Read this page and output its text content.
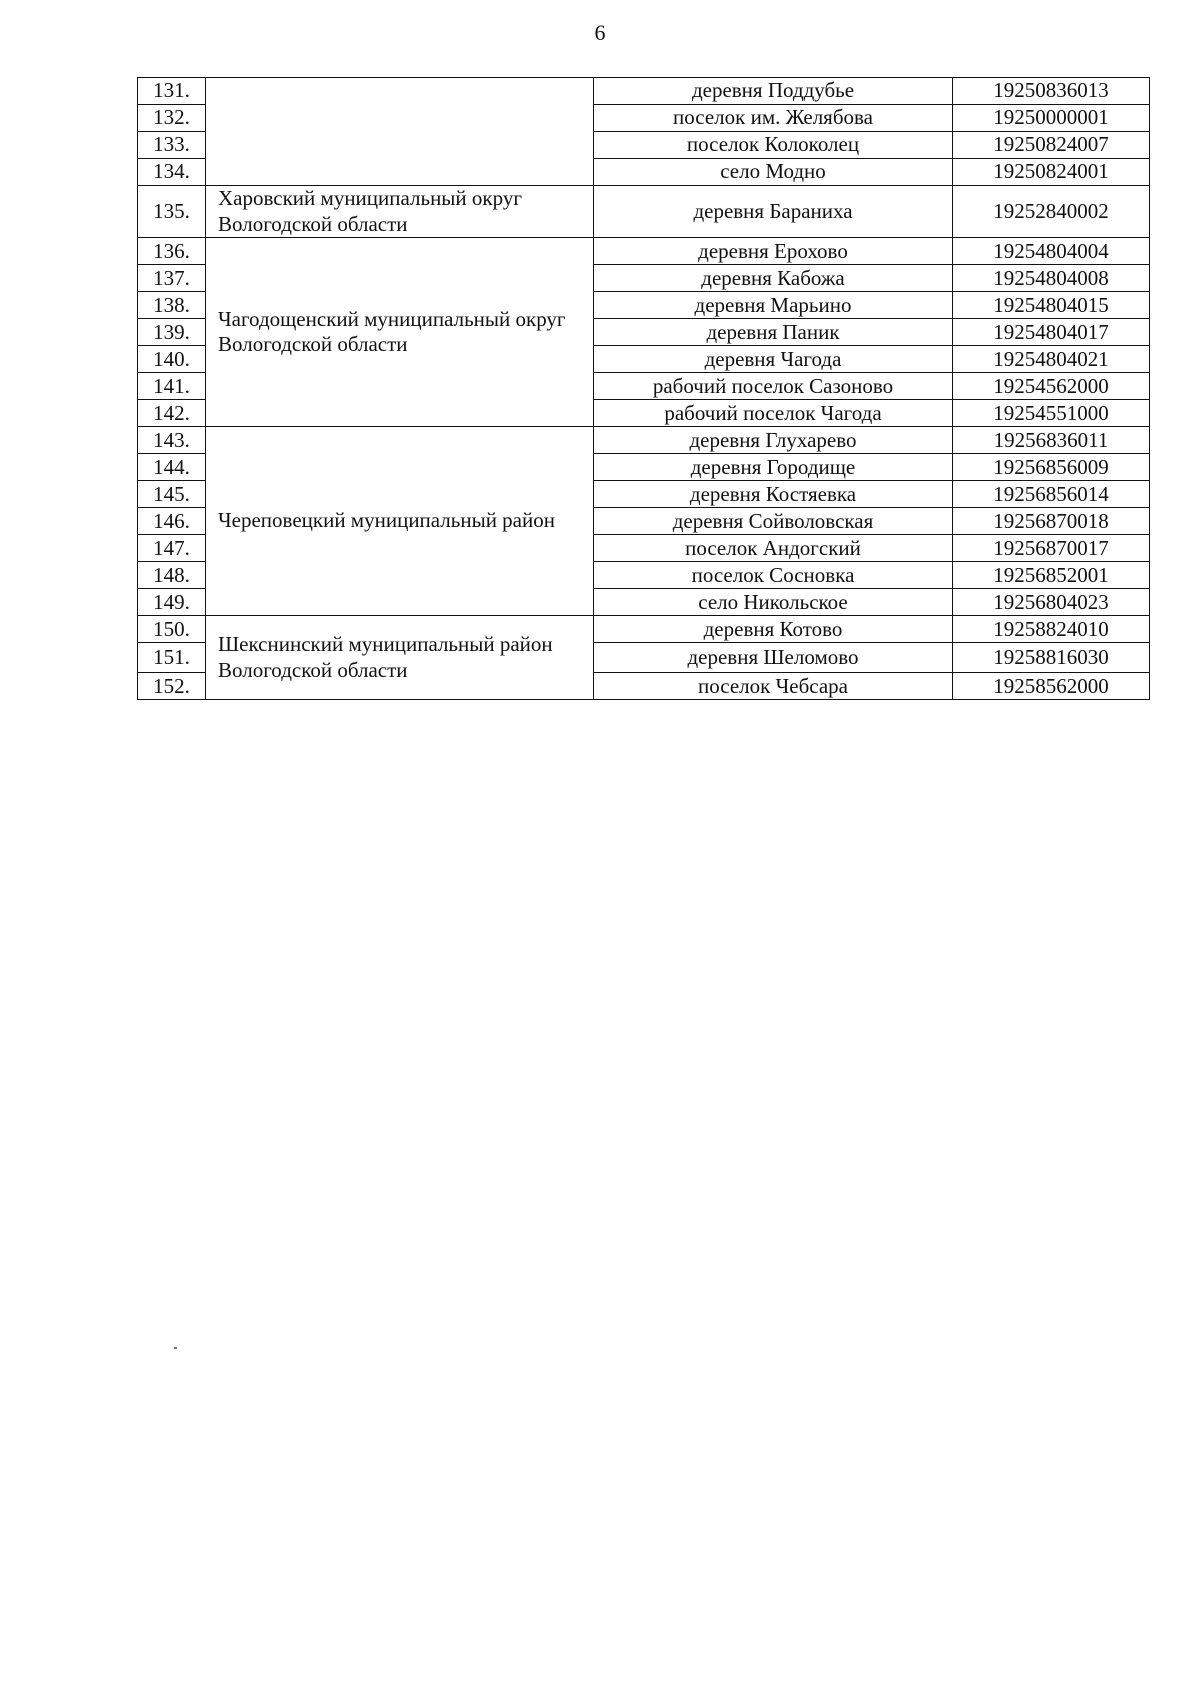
6
131.		деревня Поддубье	19250836013
132.		поселок им. Желябова	19250000001
133.		поселок Колоколец	19250824007
134.		село Модно	19250824001
135.	Харовский муниципальный округ Вологодской области	деревня Бараниха	19252840002
136.	Чагодощенский муниципальный округ Вологодской области	деревня Ерохово	19254804004
137.		деревня Кабожа	19254804008
138.		деревня Марьино	19254804015
139.		деревня Паник	19254804017
140.		деревня Чагода	19254804021
141.		рабочий поселок Сазоново	19254562000
142.		рабочий поселок Чагода	19254551000
143.	Череповецкий муниципальный район	деревня Глухарево	19256836011
144.		деревня Городище	19256856009
145.		деревня Костяевка	19256856014
146.		деревня Сойволовская	19256870018
147.		поселок Андогский	19256870017
148.		поселок Сосновка	19256852001
149.		село Никольское	19256804023
150.	Шекснинский муниципальный район Вологодской области	деревня Котово	19258824010
151.		деревня Шеломово	19258816030
152.		поселок Чебсара	19258562000
